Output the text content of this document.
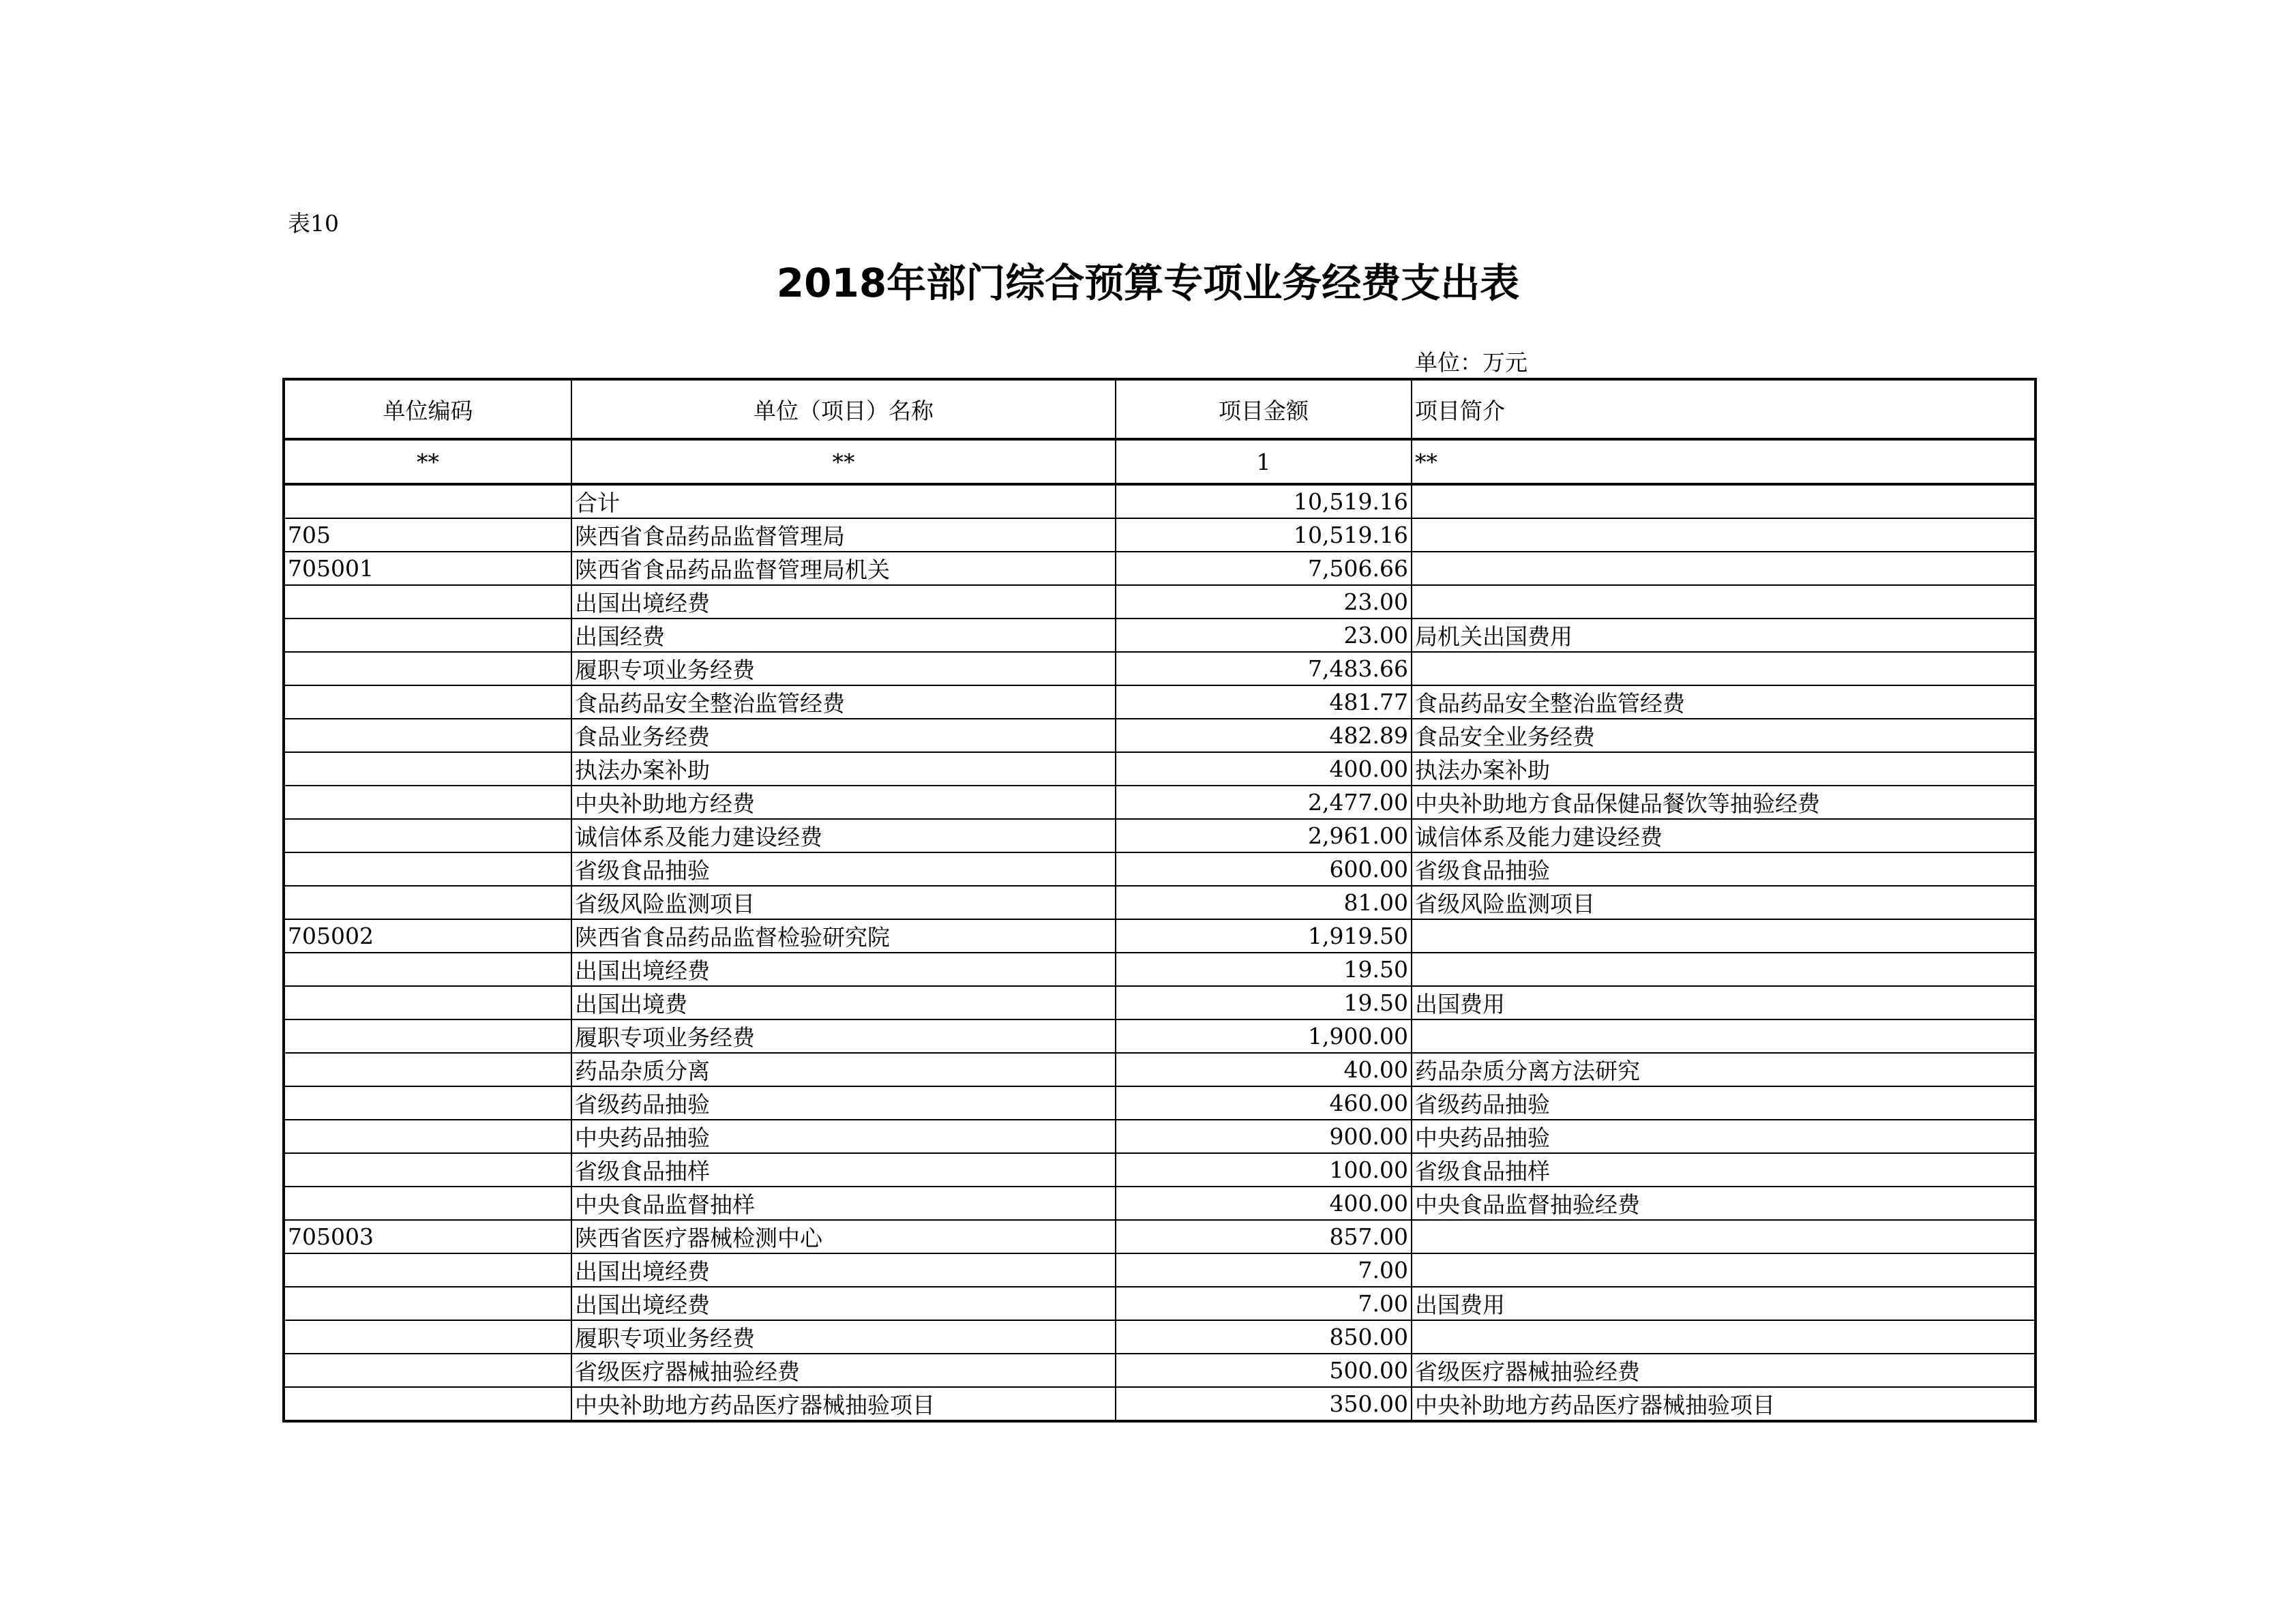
表10
2018年部门综合预算专项业务经费支出表
单位：万元
单位编码	单位（项目）名称	项目金额	项目简介
**	**	1	**
	合计	10,519.16	
705	陕西省食品药品监督管理局	10,519.16	
705001	陕西省食品药品监督管理局机关	7,506.66	
	出国出境经费	23.00	
	出国经费	23.00	局机关出国费用
	履职专项业务经费	7,483.66	
	食品药品安全整治监管经费	481.77	食品药品安全整治监管经费
	食品业务经费	482.89	食品安全业务经费
	执法办案补助	400.00	执法办案补助
	中央补助地方经费	2,477.00	中央补助地方食品保健品餐饮等抽验经费
	诚信体系及能力建设经费	2,961.00	诚信体系及能力建设经费
	省级食品抽验	600.00	省级食品抽验
	省级风险监测项目	81.00	省级风险监测项目
705002	陕西省食品药品监督检验研究院	1,919.50	
	出国出境经费	19.50	
	出国出境费	19.50	出国费用
	履职专项业务经费	1,900.00	
	药品杂质分离	40.00	药品杂质分离方法研究
	省级药品抽验	460.00	省级药品抽验
	中央药品抽验	900.00	中央药品抽验
	省级食品抽样	100.00	省级食品抽样
	中央食品监督抽样	400.00	中央食品监督抽验经费
705003	陕西省医疗器械检测中心	857.00	
	出国出境经费	7.00	
	出国出境经费	7.00	出国费用
	履职专项业务经费	850.00	
	省级医疗器械抽验经费	500.00	省级医疗器械抽验经费
	中央补助地方药品医疗器械抽验项目	350.00	中央补助地方药品医疗器械抽验项目
